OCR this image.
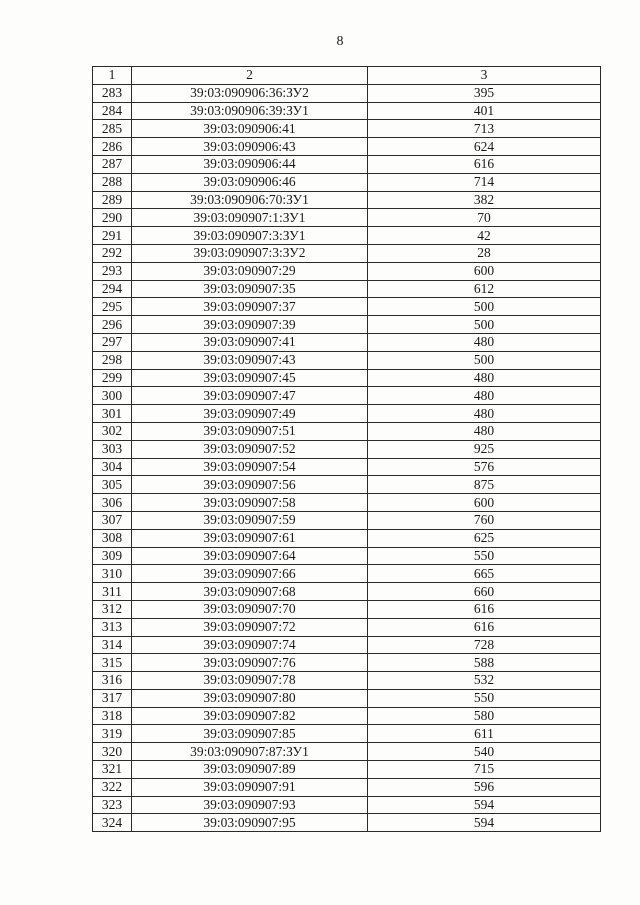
8
1	2	3
283	39:03:090906:36:ЗУ2	395
284	39:03:090906:39:ЗУ1	401
285	39:03:090906:41	713
286	39:03:090906:43	624
287	39:03:090906:44	616
288	39:03:090906:46	714
289	39:03:090906:70:ЗУ1	382
290	39:03:090907:1:ЗУ1	70
291	39:03:090907:3:ЗУ1	42
292	39:03:090907:3:ЗУ2	28
293	39:03:090907:29	600
294	39:03:090907:35	612
295	39:03:090907:37	500
296	39:03:090907:39	500
297	39:03:090907:41	480
298	39:03:090907:43	500
299	39:03:090907:45	480
300	39:03:090907:47	480
301	39:03:090907:49	480
302	39:03:090907:51	480
303	39:03:090907:52	925
304	39:03:090907:54	576
305	39:03:090907:56	875
306	39:03:090907:58	600
307	39:03:090907:59	760
308	39:03:090907:61	625
309	39:03:090907:64	550
310	39:03:090907:66	665
311	39:03:090907:68	660
312	39:03:090907:70	616
313	39:03:090907:72	616
314	39:03:090907:74	728
315	39:03:090907:76	588
316	39:03:090907:78	532
317	39:03:090907:80	550
318	39:03:090907:82	580
319	39:03:090907:85	611
320	39:03:090907:87:ЗУ1	540
321	39:03:090907:89	715
322	39:03:090907:91	596
323	39:03:090907:93	594
324	39:03:090907:95	594
